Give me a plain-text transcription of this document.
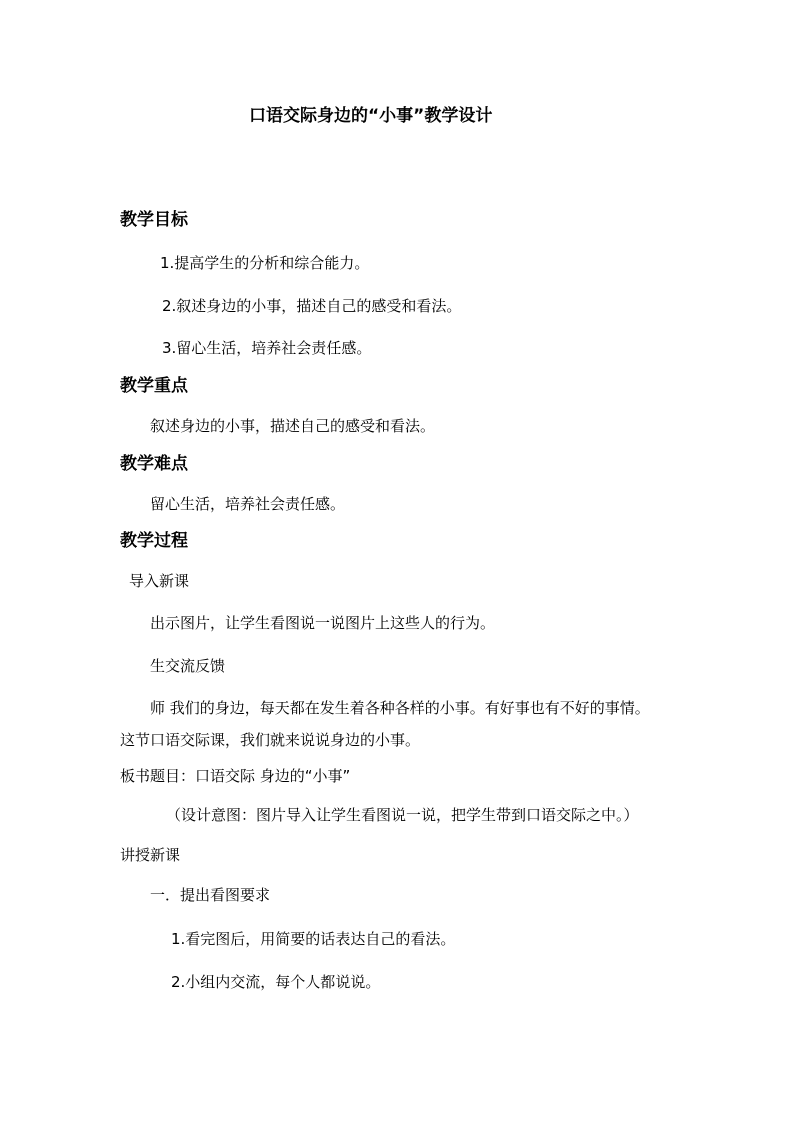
口语交际身边的“小事”教学设计
教学目标
1.提高学生的分析和综合能力。
2.叙述身边的小事，描述自己的感受和看法。
3.留心生活，培养社会责任感。
教学重点
叙述身边的小事，描述自己的感受和看法。
教学难点
留心生活，培养社会责任感。
教学过程
导入新课
出示图片，让学生看图说一说图片上这些人的行为。
生交流反馈
师 我们的身边，每天都在发生着各种各样的小事。有好事也有不好的事情。
这节口语交际课，我们就来说说身边的小事。
板书题目：口语交际 身边的“小事”
（设计意图：图片导入让学生看图说一说，把学生带到口语交际之中。）
讲授新课
一．提出看图要求
1.看完图后，用简要的话表达自己的看法。
2.小组内交流，每个人都说说。
